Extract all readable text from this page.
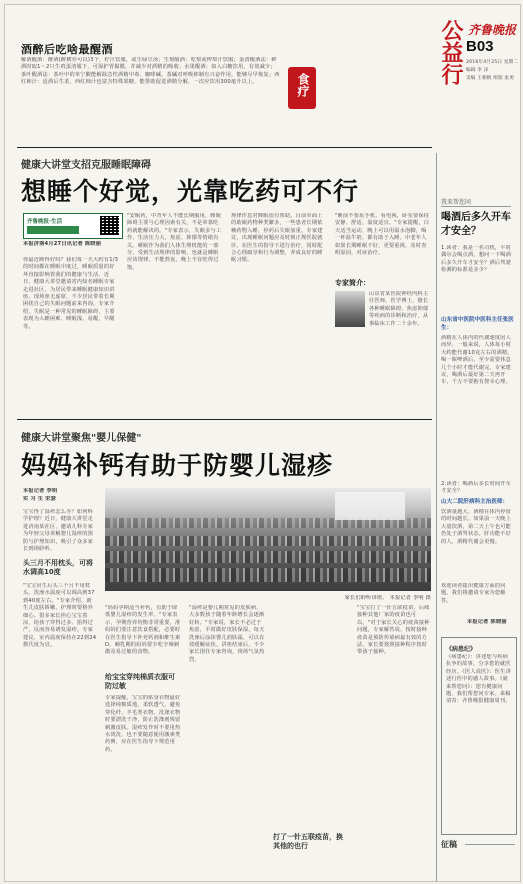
酒醉后吃啥最醒酒
解酒醒酒：醉酒(醉横亦可以)3个，柠汁饮服，或生绿豆汤；生梨醒酒：吃梨或榨梨汁饮服；蛋清醒酒法：鲜酒时取1～2只生鸡蛋清服下，可保护胃黏膜，并减少对酒精的吸收；水果醒酒：如入白糖饮用，有效减少；茶叶醒酒法：茶叶中的单宁酸能解除急性酒精中毒、咖啡碱，茶碱对呼吸抑制有兴奋作用，能够尽早恢复；西红柿汁：适酒后生柔，西红柿汁也富含特殊果糖，能帮助促进酒精分解，一次应饮用300毫升以上。	食疗	公益行 齐鲁晚报
B03
2016年4月25日 星期二
编辑 李 泽
美编 王朝帆 组版 张勇
健康大讲堂支招克服睡眠障碍
想睡个好觉，光靠吃药可不行
齐鲁晚报·生活
本报济南4月27日讯记者 陈晓丽
你最近睡得好吗？我们每一天大约有1/3的时间都在睡眠中度过，睡眠质量的好坏直接影响着我们的健康与生活。近日，健康大讲堂邀请省内知名睡眠专家走进社区，为居民带来睡眠健康知识讲座。现场座无虚席，不少居民带着长期困扰自己的失眠问题前来咨询。专家介绍，失眠是一种常见的睡眠障碍，主要表现为入睡困难、睡眠浅、易醒、早醒等。
"安眠药，中青年人不能长期服用，睡眠障碍主要与心理因素有关，不是单靠吃药就能解决的。"专家表示，失眠多与工作、生活压力大，焦虑、抑郁等情绪有关。睡眠作为我们人体生理机能的一部分，受到生活规律的影响，也就是睡眠应该规律，不能熬夜，晚上不宜吃得过饱。
规律作息对睡眠很有帮助。目前市面上的助眠药物种类繁多，一些患者长期依赖药物入睡，停药后失眠加重。专家建议，出现睡眠问题应及时到正规医院就诊，在医生的指导下进行治疗，同时配合心理疏导和行为调整，养成良好的睡眠习惯。
"睡前不要玩手机、看电视，卧室要保持安静、舒适，温度适宜。"专家提醒，白天适当运动，晚上可以用温水泡脚，喝一杯温牛奶，都有助于入睡。中老年人如果长期睡眠不好，更要重视，及时查明原因，对症治疗。
专家简介：
山东省某医院神经内科主任医师，医学博士，擅长各种睡眠障碍、焦虑抑郁等疾病的诊断和治疗，从事临床工作二十余年。
健康大讲堂聚焦"婴儿保健"
妈妈补钙有助于防婴儿湿疹
本报记者 李明
实 习 生 宋瑟
宝宝得了湿疹怎么办？如何科学护理？近日，健康大讲堂走进济南某社区，邀请儿科专家为年轻父母讲解婴儿湿疹的预防与护理知识，吸引了众多家长到场聆听。
头三月不用枕头，可将水调高10度
"宝宝出生后头三个月不用枕头，洗澡水温度可以调高到37到40度左右。"专家介绍，新生儿皮肤娇嫩，护理时要格外细心。很多家长担心宝宝着凉，给孩子穿得过多、捂得过严，反而容易诱发湿疹。专家建议，室内温度保持在22到24摄氏度为宜。
家长们聆听讲座。 本报记者 李明 摄
"妈妈孕期适当补钙，有助于降低婴儿湿疹的发生率。"专家表示，孕期营养均衡非常重要，准妈妈们要注意饮食搭配，必要时在医生指导下补充钙剂和维生素D。哺乳期的妈妈要少吃辛辣刺激及易过敏的食物。
给宝宝穿纯棉质衣服可防过敏
专家提醒，宝宝的贴身衣物最好选择纯棉质地，柔软透气，避免穿化纤、羊毛类衣物。洗涤衣物时要漂洗干净，防止洗涤剂残留刺激皮肤。湿疹发作时不要用热水烫洗，也不要随意使用激素类药膏，应在医生指导下规范用药。
"湿疹是婴儿期常见的皮肤病，大多数孩子随着年龄增长会逐渐好转。"专家说，家长不必过于焦虑，平时做好皮肤保湿，每天洗澡后涂抹婴儿润肤霜，可以有效缓解症状。讲座结束后，不少家长围住专家咨询，现场气氛热烈。
打了一针五联疫苗，换其他的也行
"宝宝打了一针五联疫苗，后续接种其他厂家的疫苗也可以。"对于家长关心的疫苗接种问题，专家解答说，按时接种疫苗是预防传染病最有效的方法，家长要按照接种程序按时带孩子接种。
我来帮您问
喝酒后多久开车才安全？
1.读者：我是一名司机，平时偶尔会喝点酒，想问一下喝酒后多久开车才安全？酒后驾驶检测的标准是多少？
山东省中医院中医科主任张医生：
酒精在人体内的代谢速度因人而异，一般来说，人体每小时大约能代谢10克左右的酒精。喝一瓶啤酒后，至少需要休息几个小时才能代谢完。专家建议，喝酒后最好第二天再开车，千万不要抱有侥幸心理。
2.读者：喝酒后多长时间开车才安全？
山大二院肝病科主治医师：
饮酒量越大，酒精在体内停留的时间越长。如果前一天晚上大量饮酒，第二天上午也可能仍处于酒驾状态。肝功能不好的人，酒精代谢会更慢。
欢迎读者提出健康方面的问题，我们将邀请专家为您解答。
本报记者 陈晓丽
《病患纪》
《病患纪》：讲述您与疾病抗争的故事，分享您的就医经历。《医人说医》：医生讲述行医中的感人故事。《就来帮您问》：您有健康问题，我们帮您问专家。来稿请寄：齐鲁晚报健康周刊。
征稿
